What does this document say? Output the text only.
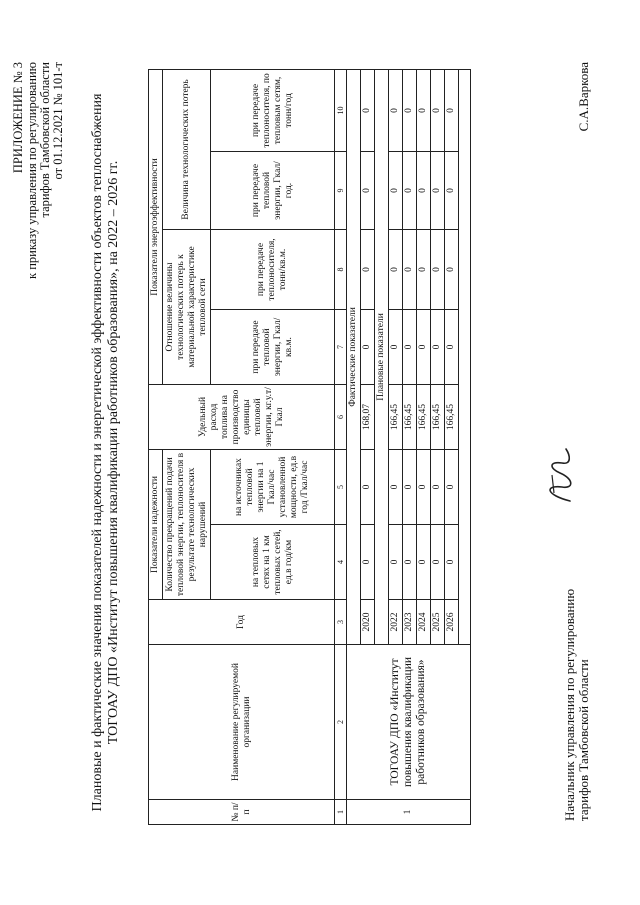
ПРИЛОЖЕНИЕ № 3 к приказу управления по регулированию тарифов Тамбовской области от 01.12.2021 № 101-т Плановые и фактические значения показателей надежности и энергетической эффективности объектов теплоснабжения ТОГОАУ ДПО «Институт повышения квалификации работников образования», на 2022 – 2026 гг.
№ п/п	Наименование регулируемой организации	Год	Показатели надежности		Удельный расход топлива на производство единицы тепловой энергии, кг.у.т/Гкал	Показатели энергоэффективности			
			Количество прекращений подачи тепловой энергии, теплоносителя в результате технологических нарушений			Отношение величины технологических потерь к материальной характеристике тепловой сети		Величина технологических потерь	
			на тепловых сетях на 1 км тепловых сетей, ед.в год/км	на источниках тепловой энергии на 1 Гкал/час установленной мощности, ед.в год /Гкал/час		при передаче тепловой энергии, Гкал/кв.м.	при передаче теплоносителя, тонн/кв.м.	при передаче тепловой энергии, Гкал/год.	при передаче теплоносителя, по тепловым сетям, тонн/год
1	2	3	4	5	6	7	8	9	10
1	ТОГОАУ ДПО «Институт повышения квалификации работников образования»	Фактические показатели							
		2020	0	0	168,07	0	0	0	0
		Плановые показатели							
		2022	0	0	166,45	0	0	0	0
		2023	0	0	166,45	0	0	0	0
		2024	0	0	166,45	0	0	0	0
		2025	0	0	166,45	0	0	0	0
		2026	0	0	166,45	0	0	0	0

Начальник управления по регулированию тарифов Тамбовской области
С.А.Варкова
